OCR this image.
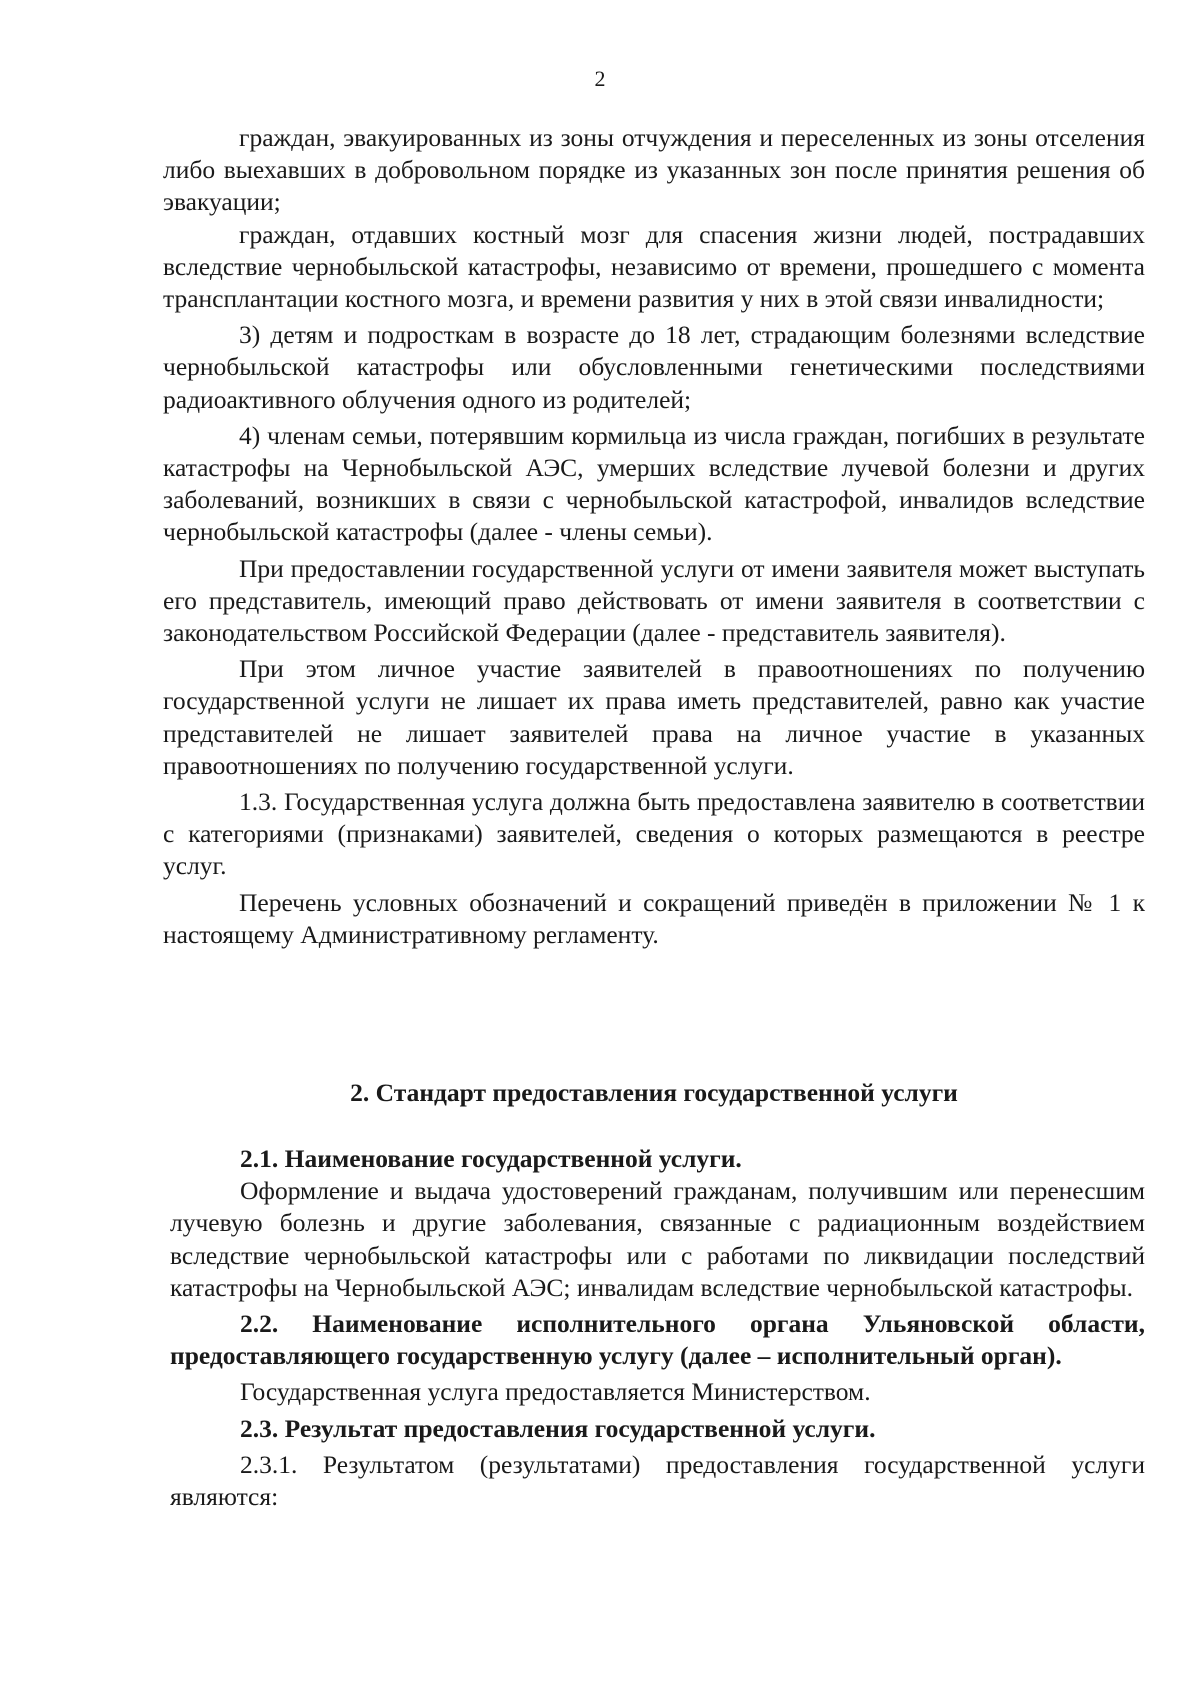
2

граждан, эвакуированных из зоны отчуждения и переселенных из зоны отселения либо выехавших в добровольном порядке из указанных зон после принятия решения об эвакуации;

граждан, отдавших костный мозг для спасения жизни людей, пострадавших вследствие чернобыльской катастрофы, независимо от времени, прошедшего с момента трансплантации костного мозга, и времени развития у них в этой связи инвалидности;

3) детям и подросткам в возрасте до 18 лет, страдающим болезнями вследствие чернобыльской катастрофы или обусловленными генетическими последствиями радиоактивного облучения одного из родителей;

4) членам семьи, потерявшим кормильца из числа граждан, погибших в результате катастрофы на Чернобыльской АЭС, умерших вследствие лучевой болезни и других заболеваний, возникших в связи с чернобыльской катастрофой, инвалидов вследствие чернобыльской катастрофы (далее - члены семьи).

При предоставлении государственной услуги от имени заявителя может выступать его представитель, имеющий право действовать от имени заявителя в соответствии с законодательством Российской Федерации (далее - представитель заявителя).

При этом личное участие заявителей в правоотношениях по получению государственной услуги не лишает их права иметь представителей, равно как участие представителей не лишает заявителей права на личное участие в указанных правоотношениях по получению государственной услуги.

1.3. Государственная услуга должна быть предоставлена заявителю в соответствии с категориями (признаками) заявителей, сведения о которых размещаются в реестре услуг.

Перечень условных обозначений и сокращений приведён в приложении № 1 к настоящему Административному регламенту.

2. Стандарт предоставления государственной услуги

2.1. Наименование государственной услуги.

Оформление и выдача удостоверений гражданам, получившим или перенесшим лучевую болезнь и другие заболевания, связанные с радиационным воздействием вследствие чернобыльской катастрофы или с работами по ликвидации последствий катастрофы на Чернобыльской АЭС; инвалидам вследствие чернобыльской катастрофы.

2.2. Наименование исполнительного органа Ульяновской области, предоставляющего государственную услугу (далее – исполнительный орган).

Государственная услуга предоставляется Министерством.

2.3. Результат предоставления государственной услуги.

2.3.1. Результатом (результатами) предоставления государственной услуги являются:
